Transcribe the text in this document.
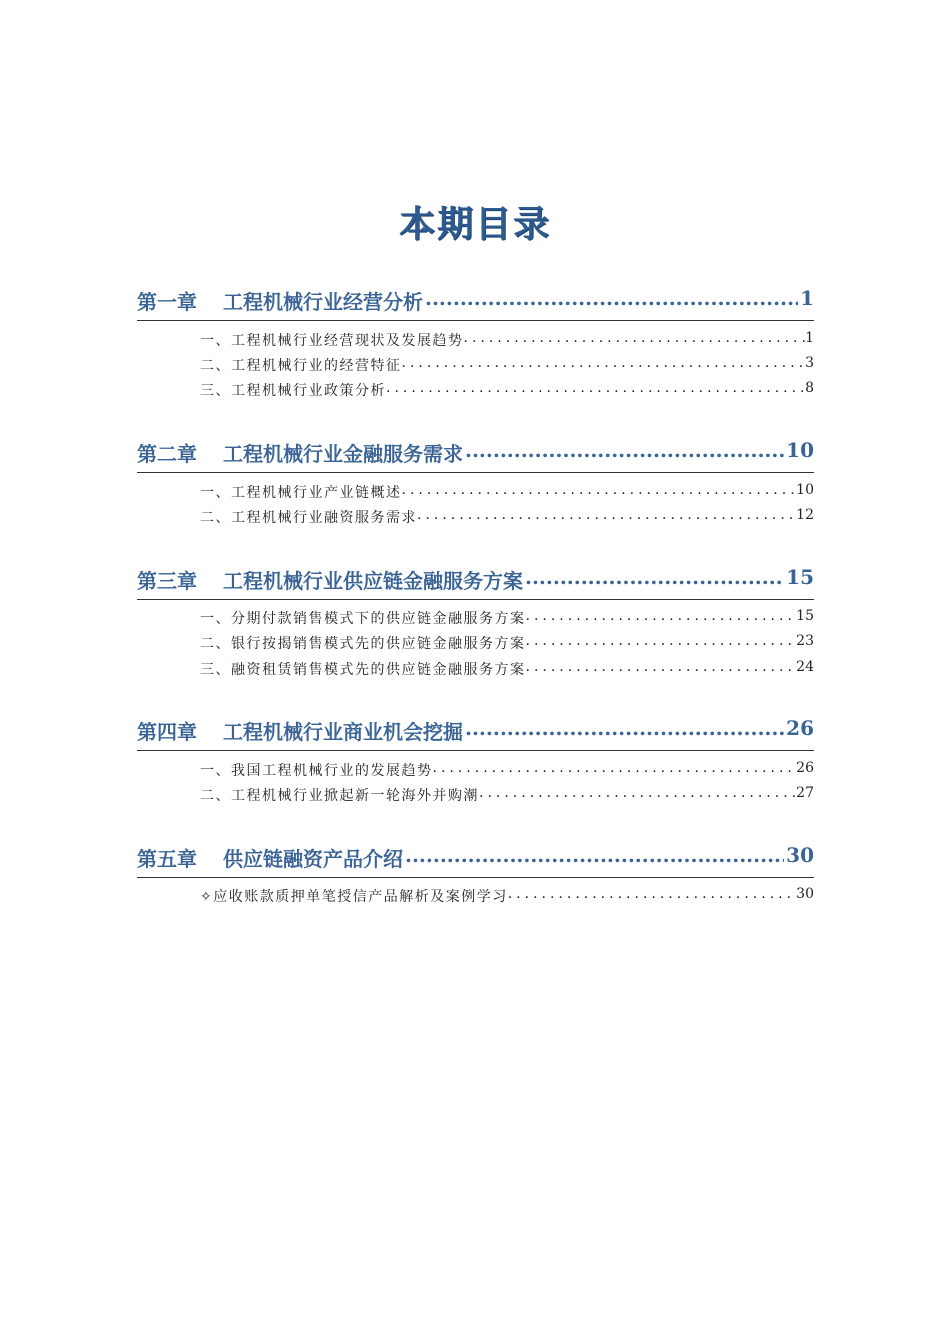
本期目录
第一章 工程机械行业经营分析 .....	1
一、工程机械行业经营现状及发展趋势 .....	1
二、工程机械行业的经营特征 .....	3
三、工程机械行业政策分析 .....	8
第二章 工程机械行业金融服务需求 .....	10
一、工程机械行业产业链概述 .....	10
二、工程机械行业融资服务需求 .....	12
第三章 工程机械行业供应链金融服务方案 .....	15
一、分期付款销售模式下的供应链金融服务方案 .....	15
二、银行按揭销售模式先的供应链金融服务方案 .....	23
三、融资租赁销售模式先的供应链金融服务方案 .....	24
第四章 工程机械行业商业机会挖掘 .....	26
一、我国工程机械行业的发展趋势 .....	26
二、工程机械行业掀起新一轮海外并购潮 .....	27
第五章 供应链融资产品介绍 .....	30
✧应收账款质押单笔授信产品解析及案例学习 .....	30
